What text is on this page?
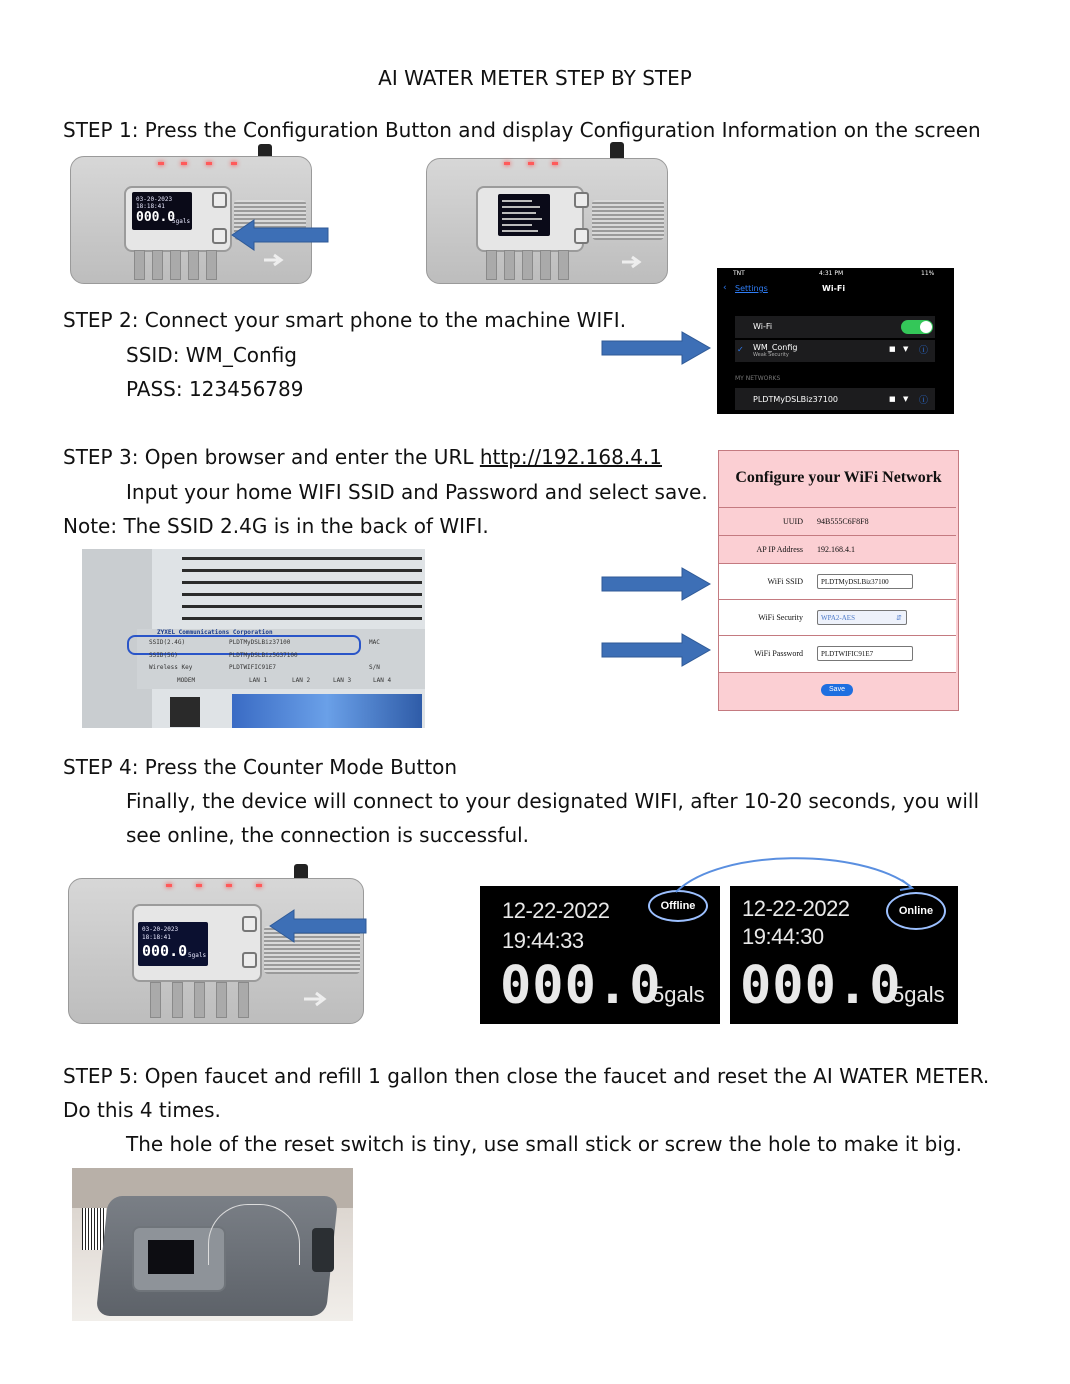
AI WATER METER STEP BY STEP
STEP 1: Press the Configuration Button and display Configuration Information on the screen
03-20-2023
18:18:41
000.0
5gals
STEP 2: Connect your smart phone to the machine WIFI.
SSID: WM_Config
PASS: 123456789
TNT	4:31 PM	11%
‹ Settings	Wi-Fi
Wi-Fi
✓ WM_Config
Weak Security
■ ▼ ⓘ
MY NETWORKS
PLDTMyDSLBiz37100	■ ▼ ⓘ
STEP 3: Open browser and enter the URL http://192.168.4.1
Input your home WIFI SSID and Password and select save.
Note: The SSID 2.4G is in the back of WIFI.
ZYXEL Communications Corporation
SSID(2.4G)	PLDTMyDSLBiz37100	MAC
SSID(5G)	PLDTMyDSLBiz5G37100
Wireless Key	PLDTWIFIC91E7	S/N
MODEM	LAN 1	LAN 2	LAN 3	LAN 4
Configure your WiFi Network
UUID 94B555C6F8F8
AP IP Address 192.168.4.1
WiFi SSID	PLDTMyDSLBiz37100
WiFi Security	WPA2-AES	⇵
WiFi Password	PLDTWIFIC91E7
Save
STEP 4: Press the Counter Mode Button
Finally, the device will connect to your designated WIFI, after 10-20 seconds, you will
see online, the connection is successful.
03-20-2023
18:18:41
000.0 5gals
12-22-2022
19:44:33
000.0
5gals
Offline	12-22-2022
19:44:30
000.0
5gals
Online
STEP 5: Open faucet and refill 1 gallon then close the faucet and reset the AI WATER METER.
Do this 4 times.
The hole of the reset switch is tiny, use small stick or screw the hole to make it big.
